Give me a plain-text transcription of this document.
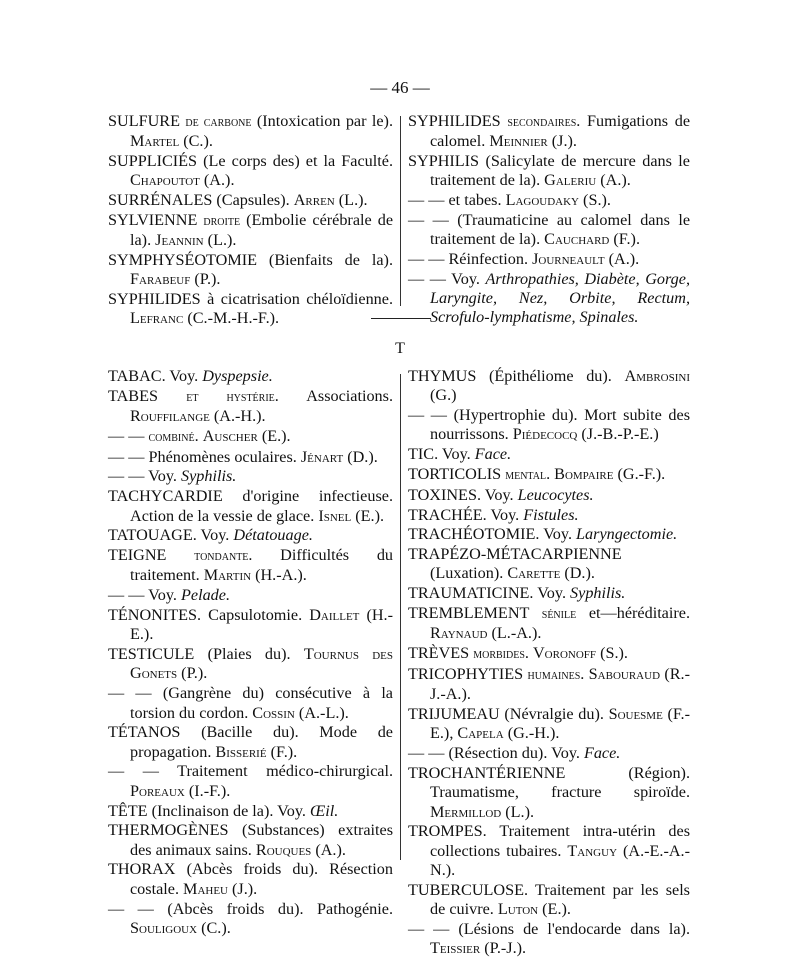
— 46 —

SULFURE de carbone (Intoxication par le). Martel (C.).

SUPPLICIÉS (Le corps des) et la Faculté. Chapoutot (A.).

SURRÉNALES (Capsules). Arren (L.).

SYLVIENNE droite (Embolie cérébrale de la). Jeannin (L.).

SYMPHYSÉOTOMIE (Bienfaits de la). Farabeuf (P.).

SYPHILIDES à cicatrisation chéloïdienne. Lefranc (C.-M.-H.-F.).

SYPHILIDES secondaires. Fumigations de calomel. Meinnier (J.).

SYPHILIS (Salicylate de mercure dans le traitement de la). Galeriu (A.).

— — et tabes. Lagoudaky (S.).

— — (Traumaticine au calomel dans le traitement de la). Cauchard (F.).

— — Réinfection. Journeault (A.).

— — Voy. Arthropathies, Diabète, Gorge, Laryngite, Nez, Orbite, Rectum, Scrofulo-lymphatisme, Spinales.

T

TABAC. Voy. Dyspepsie.

TABES et hystérie. Associations. Rouffilange (A.-H.).

— — combiné. Auscher (E.).

— — Phénomènes oculaires. Jénart (D.).

— — Voy. Syphilis.

TACHYCARDIE d'origine infectieuse. Action de la vessie de glace. Isnel (E.).

TATOUAGE. Voy. Détatouage.

TEIGNE tondante. Difficultés du traitement. Martin (H.-A.).

— — Voy. Pelade.

TÉNONITES. Capsulotomie. Daillet (H.-E.).

TESTICULE (Plaies du). Tournus des Gonets (P.).

— — (Gangrène du) consécutive à la torsion du cordon. Cossin (A.-L.).

TÉTANOS (Bacille du). Mode de propagation. Bisserié (F.).

— — Traitement médico-chirurgical. Poreaux (I.-F.).

TÊTE (Inclinaison de la). Voy. Œil.

THERMOGÈNES (Substances) extraites des animaux sains. Rouques (A.).

THORAX (Abcès froids du). Résection costale. Maheu (J.).

— — (Abcès froids du). Pathogénie. Souligoux (C.).

THYMUS (Épithéliome du). Ambrosini (G.)

— — (Hypertrophie du). Mort subite des nourrissons. Piédecocq (J.-B.-P.-E.)

TIC. Voy. Face.

TORTICOLIS mental. Bompaire (G.-F.).

TOXINES. Voy. Leucocytes.

TRACHÉE. Voy. Fistules.

TRACHÉOTOMIE. Voy. Laryngectomie.

TRAPÉZO-MÉTACARPIENNE (Luxation). Carette (D.).

TRAUMATICINE. Voy. Syphilis.

TREMBLEMENT sénile et—héréditaire. Raynaud (L.-A.).

TRÈVES morbides. Voronoff (S.).

TRICOPHYTIES humaines. Sabouraud (R.-J.-A.).

TRIJUMEAU (Névralgie du). Souesme (F.-E.), Capela (G.-H.).

— — (Résection du). Voy. Face.

TROCHANTÉRIENNE (Région). Traumatisme, fracture spiroïde. Mermillod (L.).

TROMPES. Traitement intra-utérin des collections tubaires. Tanguy (A.-E.-A.-N.).

TUBERCULOSE. Traitement par les sels de cuivre. Luton (E.).

— — (Lésions de l'endocarde dans la). Teissier (P.-J.).
